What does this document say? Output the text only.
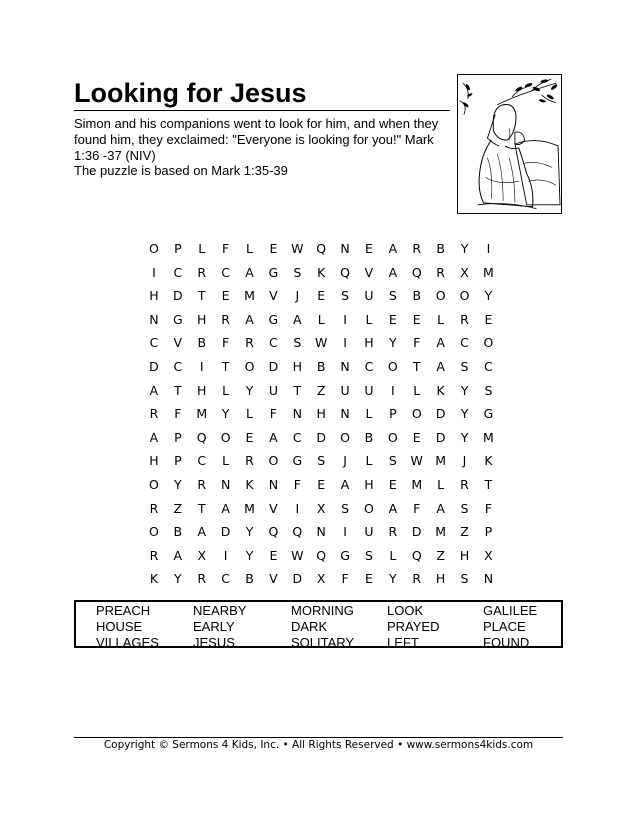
Looking for Jesus
Simon and his companions went to look for him, and when they found him, they exclaimed: "Everyone is looking for you!" Mark 1:36 -37 (NIV)
The puzzle is based on Mark 1:35-39
O P L F L E W Q N E A R B Y I
I C R C A G S K Q V A Q R X M
H D T E M V J E S U S B O O Y
N G H R A G A L I L E E L R E
C V B F R C S W I H Y F A C O
D C I T O D H B N C O T A S C
A T H L Y U T Z U U I L K Y S
R F M Y L F N H N L P O D Y G
A P Q O E A C D O B O E D Y M
H P C L R O G S J L S W M J K
O Y R N K N F E A H E M L R T
R Z T A M V I X S O A F A S F
O B A D Y Q Q N I U R D M Z P
R A X I Y E W Q G S L Q Z H X
K Y R C B V D X F E Y R H S N
PREACH	NEARBY	MORNING	LOOK	GALILEE
HOUSE	EARLY	DARK	PRAYED	PLACE
VILLAGES	JESUS	SOLITARY	LEFT	FOUND
Copyright © Sermons 4 Kids, Inc. • All Rights Reserved • www.sermons4kids.com
